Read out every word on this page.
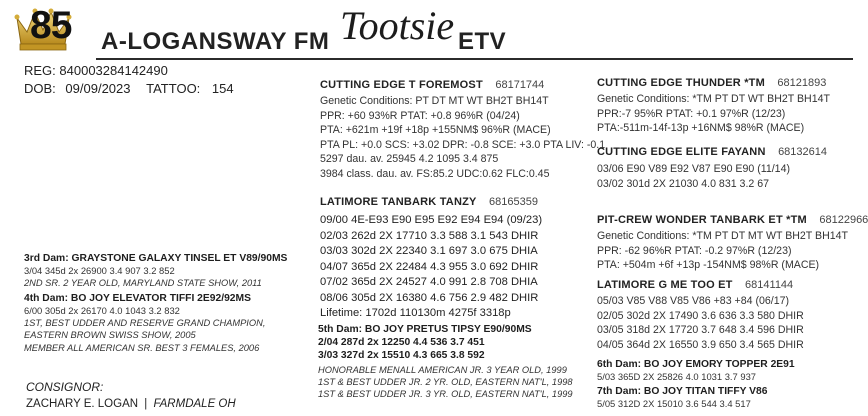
85 A-LOGANSWAY FM Tootsie ETV
REG: 840003284142490
DOB: 09/09/2023 TATTOO: 154	CUTTING EDGE T FOREMOST 68171744
Genetic Conditions: PT DT MT WT BH2T BH14T
PPR: +60 93%R PTAT: +0.8 96%R (04/24)
PTA: +621m +19f +18p +155NM$ 96%R (MACE)
PTA PL: +0.0 SCS: +3.02 DPR: -0.8 SCE: +3.0 PTA LIV: -0.1
5297 dau. av. 25945 4.2 1095 3.4 875
3984 class. dau. av. FS:85.2 UDC:0.62 FLC:0.45
LATIMORE TANBARK TANZY 68165359
09/00 4E-E93 E90 E95 E92 E94 E94 (09/23)
02/03 262d 2X 17710 3.3 588 3.1 543 DHIR
03/03 302d 2X 22340 3.1 697 3.0 675 DHIA
04/07 365d 2X 22484 4.3 955 3.0 692 DHIR
07/02 365d 2X 24527 4.0 991 2.8 708 DHIA
08/06 305d 2X 16380 4.6 756 2.9 482 DHIR
Lifetime: 1702d 110130m 4275f 3318p
CUTTING EDGE THUNDER *TM 68121893
Genetic Conditions: *TM PT DT WT BH2T BH14T
PPR:-7 95%R PTAT: +0.1 97%R (12/23)
PTA:-511m-14f-13p +16NM$ 98%R (MACE)
CUTTING EDGE ELITE FAYANN 68132614
03/06 E90 V89 E92 V87 E90 E90 (11/14)
03/02 301d 2X 21030 4.0 831 3.2 67
PIT-CREW WONDER TANBARK ET *TM 68122966
Genetic Conditions: *TM PT DT MT WT BH2T BH14T
PPR: -62 96%R PTAT: -0.2 97%R (12/23)
PTA: +504m +6f +13p -154NM$ 98%R (MACE)
LATIMORE G ME TOO ET 68141144
05/03 V85 V88 V85 V86 +83 +84 (06/17)
02/05 302d 2X 17490 3.6 636 3.3 580 DHIR
03/05 318d 2X 17720 3.7 648 3.4 596 DHIR
04/05 364d 2X 16550 3.9 650 3.4 565 DHIR
3rd Dam: GRAYSTONE GALAXY TINSEL ET V89/90MS
3/04 345d 2x 26900 3.4 907 3.2 852
2ND SR. 2 YEAR OLD, MARYLAND STATE SHOW, 2011
4th Dam: BO JOY ELEVATOR TIFFI 2E92/92MS
6/00 305d 2x 26170 4.0 1043 3.2 832
1ST, BEST UDDER AND RESERVE GRAND CHAMPION,
EASTERN BROWN SWISS SHOW, 2005
MEMBER ALL AMERICAN SR. BEST 3 FEMALES, 2006
5th Dam: BO JOY PRETUS TIPSY E90/90MS
2/04 287d 2x 12250 4.4 536 3.7 451
3/03 327d 2x 15510 4.3 665 3.8 592
HONORABLE MENALL AMERICAN JR. 3 YEAR OLD, 1999
1ST & BEST UDDER JR. 2 YR. OLD, EASTERN NAT'L, 1998
1ST & BEST UDDER JR. 3 YR. OLD, EASTERN NAT'L, 1999
6th Dam: BO JOY EMORY TOPPER 2E91
5/03 365D 2X 25826 4.0 1031 3.7 937
7th Dam: BO JOY TITAN TIFFY V86
5/05 312D 2X 15010 3.6 544 3.4 517
CONSIGNOR:
ZACHARY E. LOGAN | FARMDALE OH
